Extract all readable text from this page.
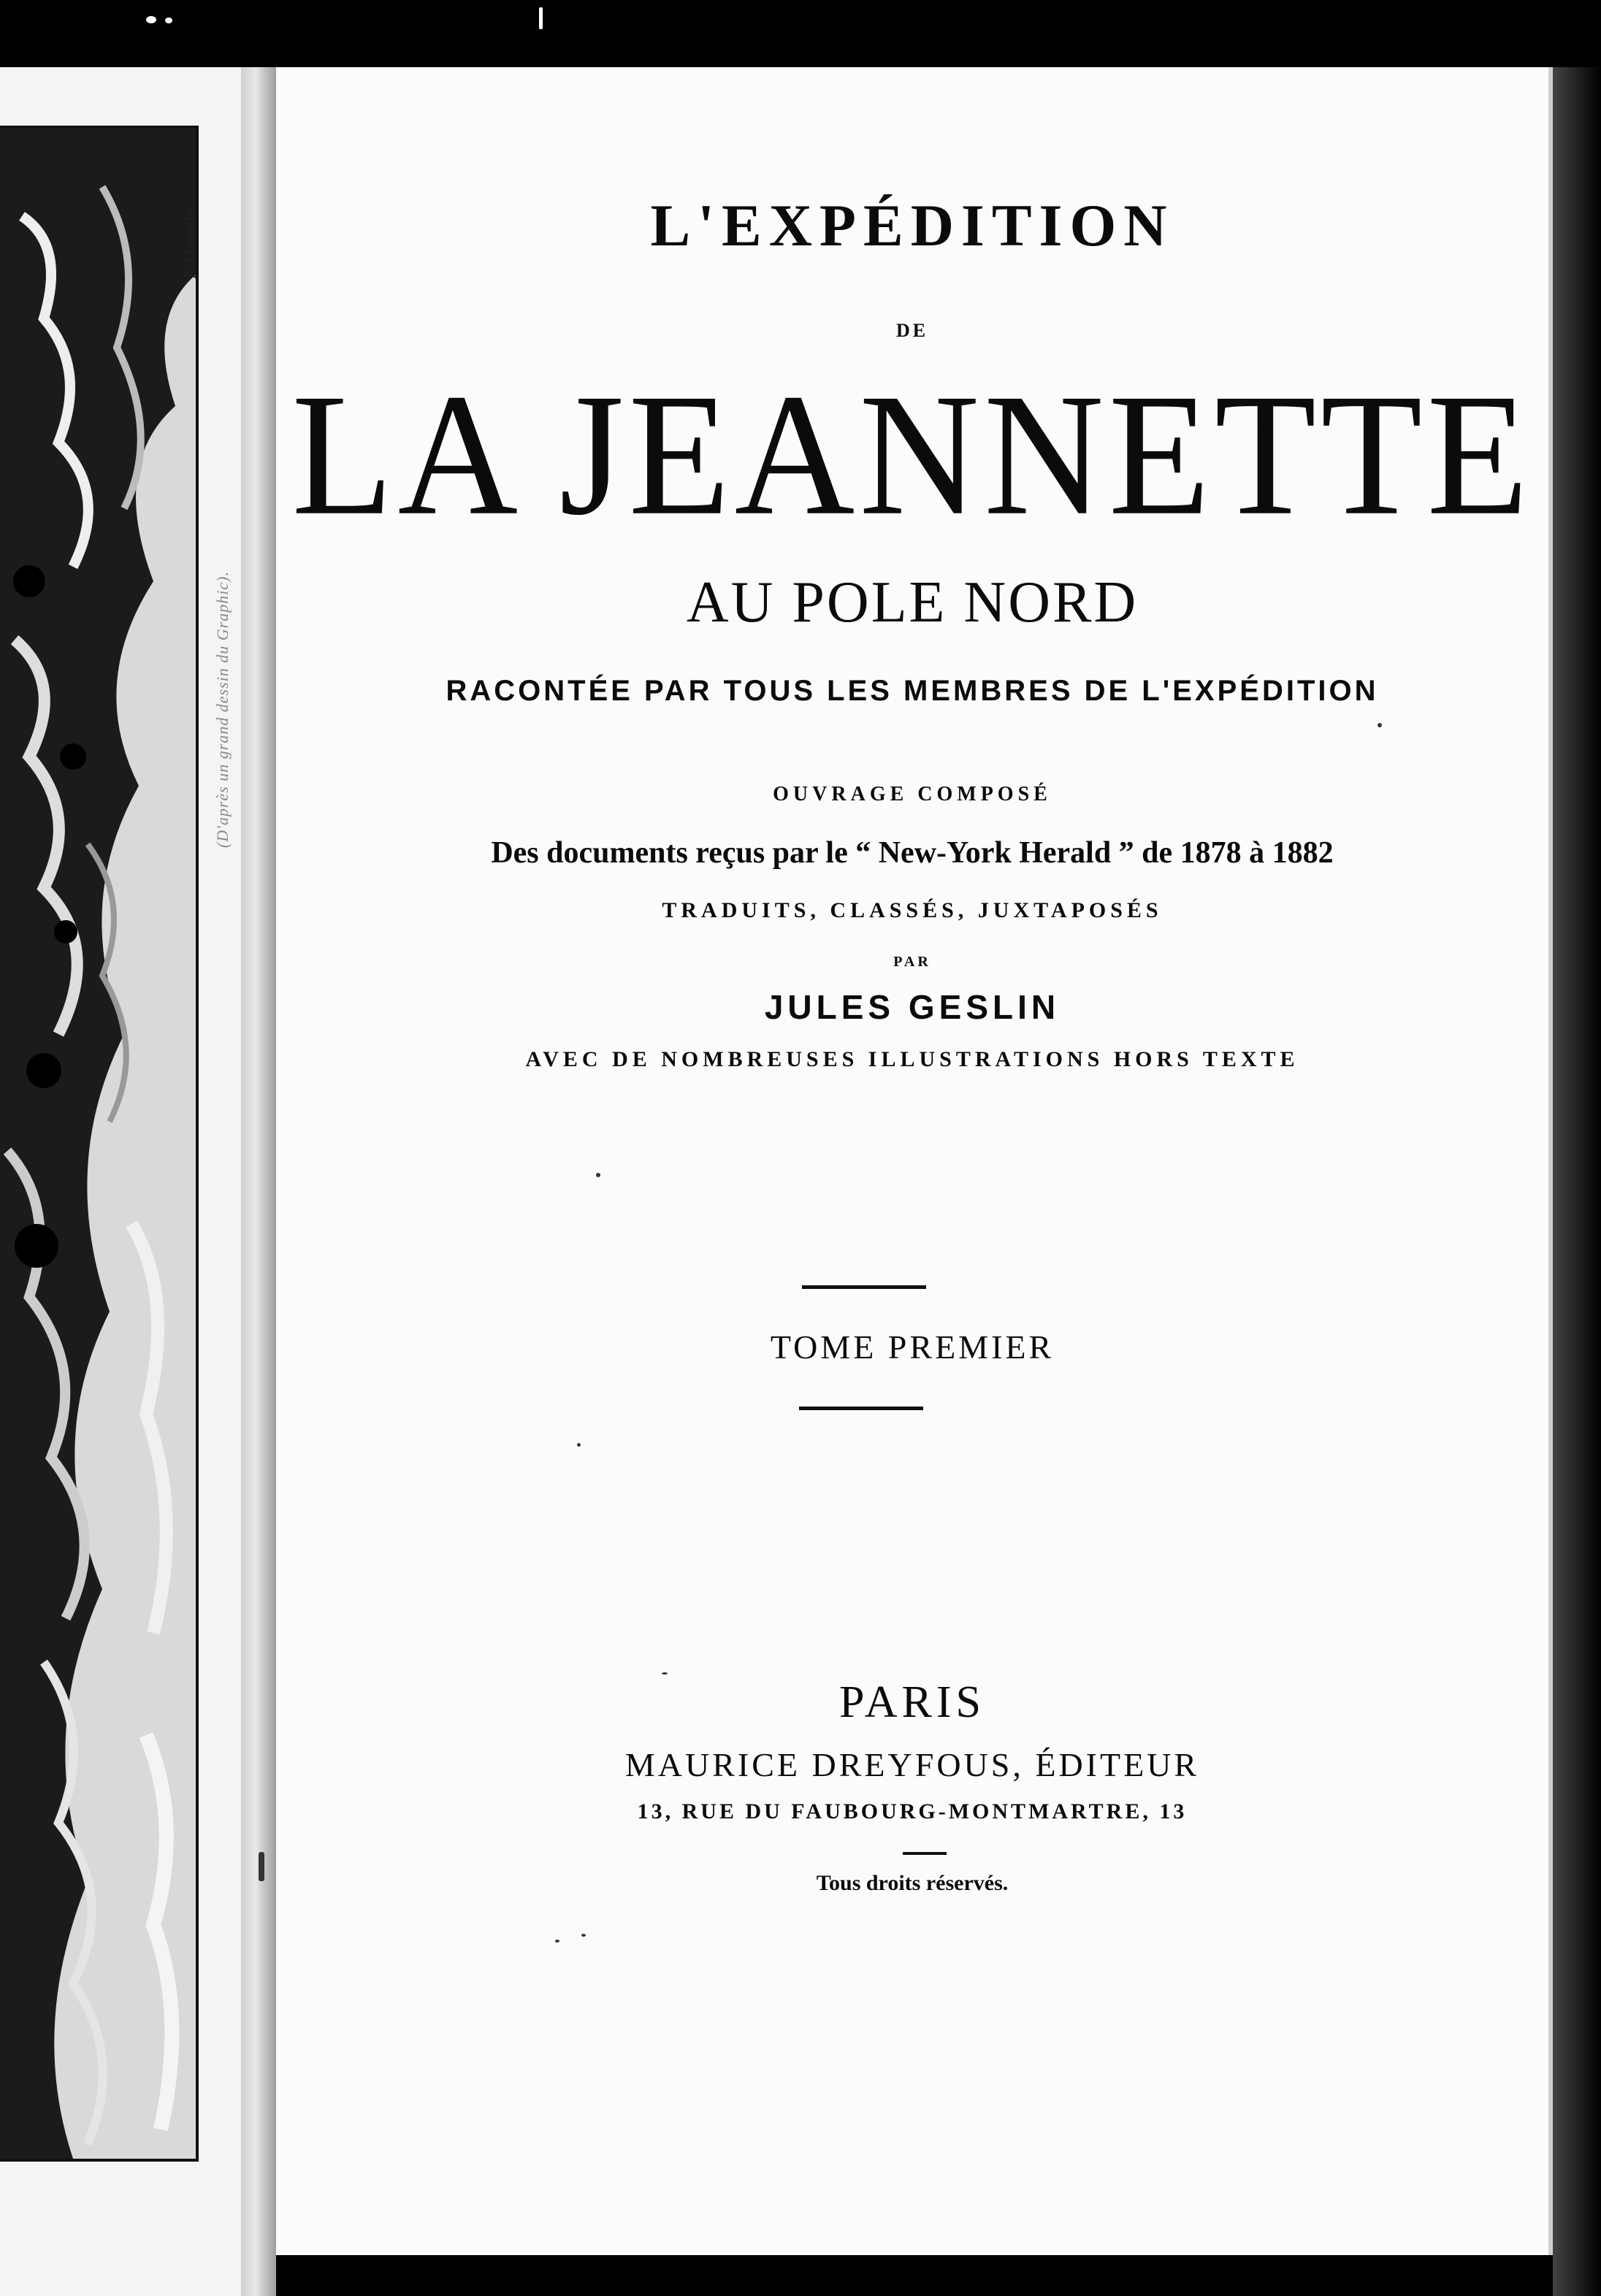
(D'après un grand dessin du Graphic).
F. Meaulle	L'EXPÉDITION
DE
LA JEANNETTE
AU POLE NORD
RACONTÉE PAR TOUS LES MEMBRES DE L'EXPÉDITION
OUVRAGE COMPOSÉ
Des documents reçus par le “ New-York Herald ” de 1878 à 1882
TRADUITS, CLASSÉS, JUXTAPOSÉS
PAR
JULES GESLIN
AVEC DE NOMBREUSES ILLUSTRATIONS HORS TEXTE
TOME PREMIER
PARIS
MAURICE DREYFOUS, ÉDITEUR
13, RUE DU FAUBOURG-MONTMARTRE, 13
Tous droits réservés.
